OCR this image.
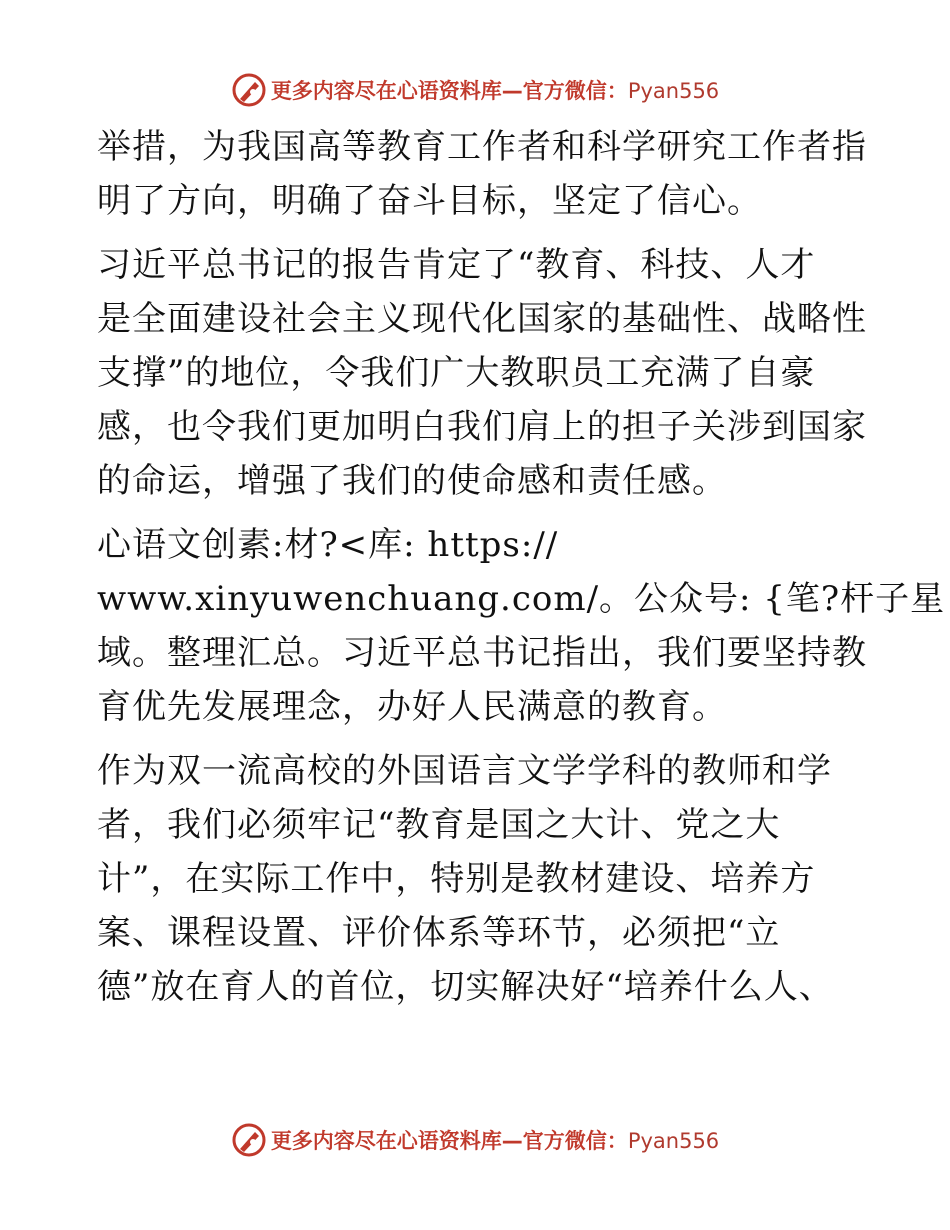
更多内容尽在心语资料库—官方微信：Pyan556

举措，为我国高等教育工作者和科学研究工作者指
明了方向，明确了奋斗目标，坚定了信心。

习近平总书记的报告肯定了“教育、科技、人才
是全面建设社会主义现代化国家的基础性、战略性
支撑”的地位，令我们广大教职员工充满了自豪
感，也令我们更加明白我们肩上的担子关涉到国家
的命运，增强了我们的使命感和责任感。

心语文创素:材?<库: https://
www.xinyuwenchuang.com/。公众号: {笔?杆子星
域。整理汇总。习近平总书记指出，我们要坚持教
育优先发展理念，办好人民满意的教育。

作为双一流高校的外国语言文学学科的教师和学
者，我们必须牢记“教育是国之大计、党之大
计”，在实际工作中，特别是教材建设、培养方
案、课程设置、评价体系等环节，必须把“立
德”放在育人的首位，切实解决好“培养什么人、

更多内容尽在心语资料库—官方微信：Pyan556
